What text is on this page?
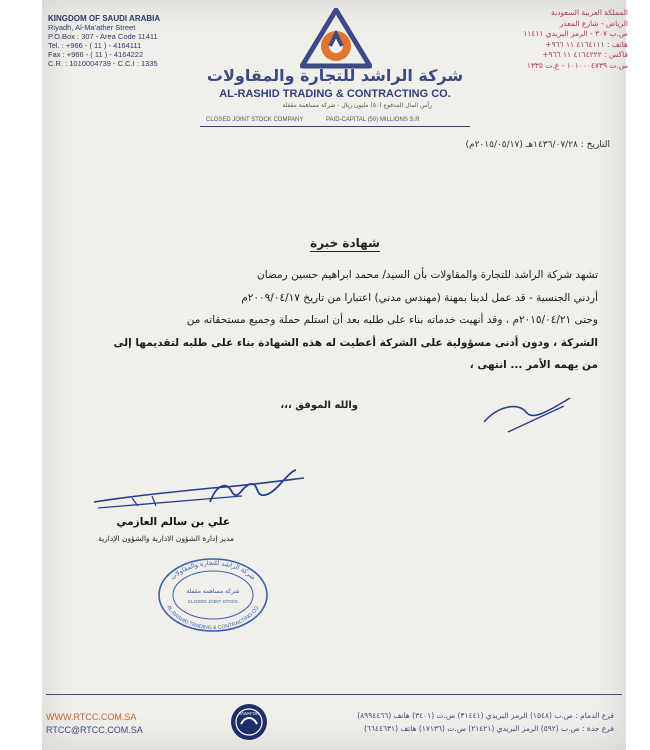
KINGDOM OF SAUDI ARABIA
Riyadh, Al-Ma'ather Street
P.O.Box : 307 - Area Code 11411
Tel. : +966 - ( 11 ) - 4164111
Fax : +966 - ( 11 ) - 4164222
C.R. : 1010004739 - C.C.I : 1335
المملكة العربية السعودية
الرياض - شارع المعذر
ص.ب ٣٠٧ - الرمز البريدي ١١٤١١
هاتف : ٤١٦٤١١١ ١١ ٩٦٦+
فاكس : ٤١٦٤٢٢٢ ١١ ٩٦٦+
س.ت ١٠١٠٠٠٤٧٣٩ - غ.ت ١٣٣٥
شركة الراشد للتجارة والمقاولات
AL-RASHID TRADING & CONTRACTING CO.
رأس المال المدفوع (٥٠) مليون ريال - شركة مساهمة مقفلة
CLOSED JOINT STOCK COMPANY	PAID-CAPITAL (50) MILLIONS S.R
التاريخ : ١٤٣٦/٠٧/٢٨هـ (٢٠١٥/٠٥/١٧م)
شهادة خبرة
تشهد شركة الراشد للتجارة والمقاولات بأن السيد/ محمد ابراهيم حسين رمضان
أردني الجنسية - قد عمل لدينا بمهنة (مهندس مدني) اعتبارا من تاريخ ٢٠٠٩/٠٤/١٧م
وحتى ٢٠١٥/٠٤/٢١م ، وقد أنهيت خدماته بناء على طلبه بعد أن استلم حملة وجميع مستحقاته من
الشركة ، ودون أدنى مسؤولية على الشركة أعطيت له هذه الشهادة بناء على طلبه لتقديمها إلى
من يهمه الأمر ... انتهى ،
والله الموفق ،،،
علي بن سالم العازمي
مدير إدارة الشؤون الادارية والشؤون الإدارية
شركة الراشد للتجارة والمقاولات
AL-RASHID TRADING & CONTRACTING CO.
شركة مساهمة مقفلة
CLOSED JOINT STOCK
WWW.RTCC.COM.SA
RTCC@RTCC.COM.SA
TAWAFOR	فرع الدمام : ص.ب (١٥٤٨) الرمز البريدي (٣١٤٤١) س.ت (٣٤٠١) هاتف (٨٩٩٤٤٦٦)
فرع جدة : ص.ب (٥٩٢) الرمز البريدي (٢١٤٢١) س.ت (١٧١٣٦) هاتف (٦٦٤٤٦٣١)
